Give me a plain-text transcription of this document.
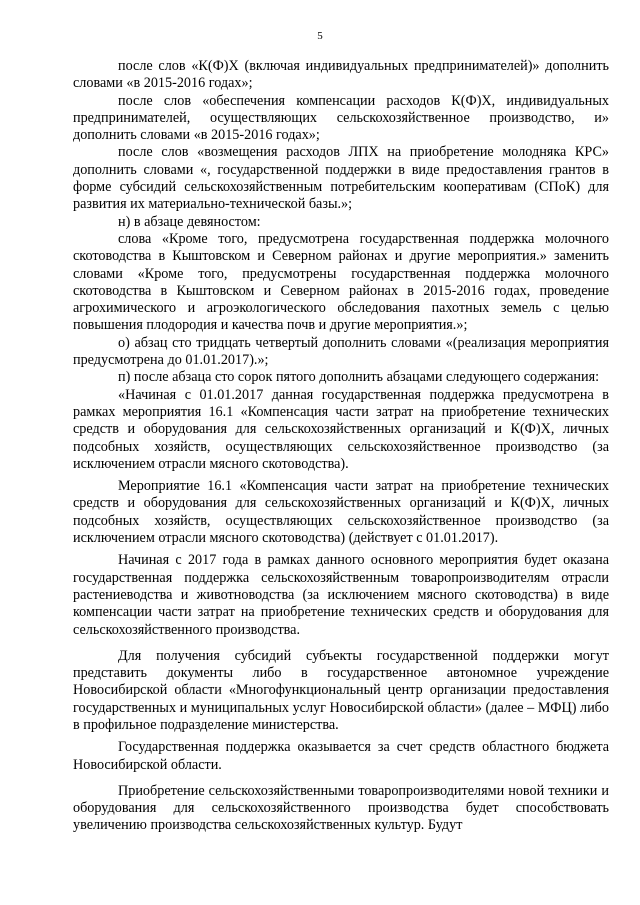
5

после слов «К(Ф)Х (включая индивидуальных предпринимателей)» дополнить словами «в 2015-2016 годах»;

после слов «обеспечения компенсации расходов К(Ф)Х, индивидуальных предпринимателей, осуществляющих сельскохозяйственное производство, и» дополнить словами «в 2015-2016 годах»;

после слов «возмещения расходов ЛПХ на приобретение молодняка КРС» дополнить словами «, государственной поддержки в виде предоставления грантов в форме субсидий сельскохозяйственным потребительским кооперативам (СПоК) для развития их материально-технической базы.»;

н) в абзаце девяностом:

слова «Кроме того, предусмотрена государственная поддержка молочного скотоводства в Кыштовском и Северном районах и другие мероприятия.» заменить словами «Кроме того, предусмотрены государственная поддержка молочного скотоводства в Кыштовском и Северном районах в 2015-2016 годах, проведение агрохимического и агроэкологического обследования пахотных земель с целью повышения плодородия и качества почв и другие мероприятия.»;

о) абзац сто тридцать четвертый дополнить словами «(реализация мероприятия предусмотрена до 01.01.2017).»;

п) после абзаца сто сорок пятого дополнить абзацами следующего содержания:

«Начиная с 01.01.2017 данная государственная поддержка предусмотрена в рамках мероприятия 16.1 «Компенсация части затрат на приобретение технических средств и оборудования для сельскохозяйственных организаций и К(Ф)Х, личных подсобных хозяйств, осуществляющих сельскохозяйственное производство (за исключением отрасли мясного скотоводства).

Мероприятие 16.1 «Компенсация части затрат на приобретение технических средств и оборудования для сельскохозяйственных организаций и К(Ф)Х, личных подсобных хозяйств, осуществляющих сельскохозяйственное производство (за исключением отрасли мясного скотоводства) (действует с 01.01.2017).

Начиная с 2017 года в рамках данного основного мероприятия будет оказана государственная поддержка сельскохозяйственным товаропроизводителям отрасли растениеводства и животноводства (за исключением мясного скотоводства) в виде компенсации части затрат на приобретение технических средств и оборудования для сельскохозяйственного производства.

Для получения субсидий субъекты государственной поддержки могут представить документы либо в государственное автономное учреждение Новосибирской области «Многофункциональный центр организации предоставления государственных и муниципальных услуг Новосибирской области» (далее – МФЦ) либо в профильное подразделение министерства.

Государственная поддержка оказывается за счет средств областного бюджета Новосибирской области.

Приобретение сельскохозяйственными товаропроизводителями новой техники и оборудования для сельскохозяйственного производства будет способствовать увеличению производства сельскохозяйственных культур. Будут
